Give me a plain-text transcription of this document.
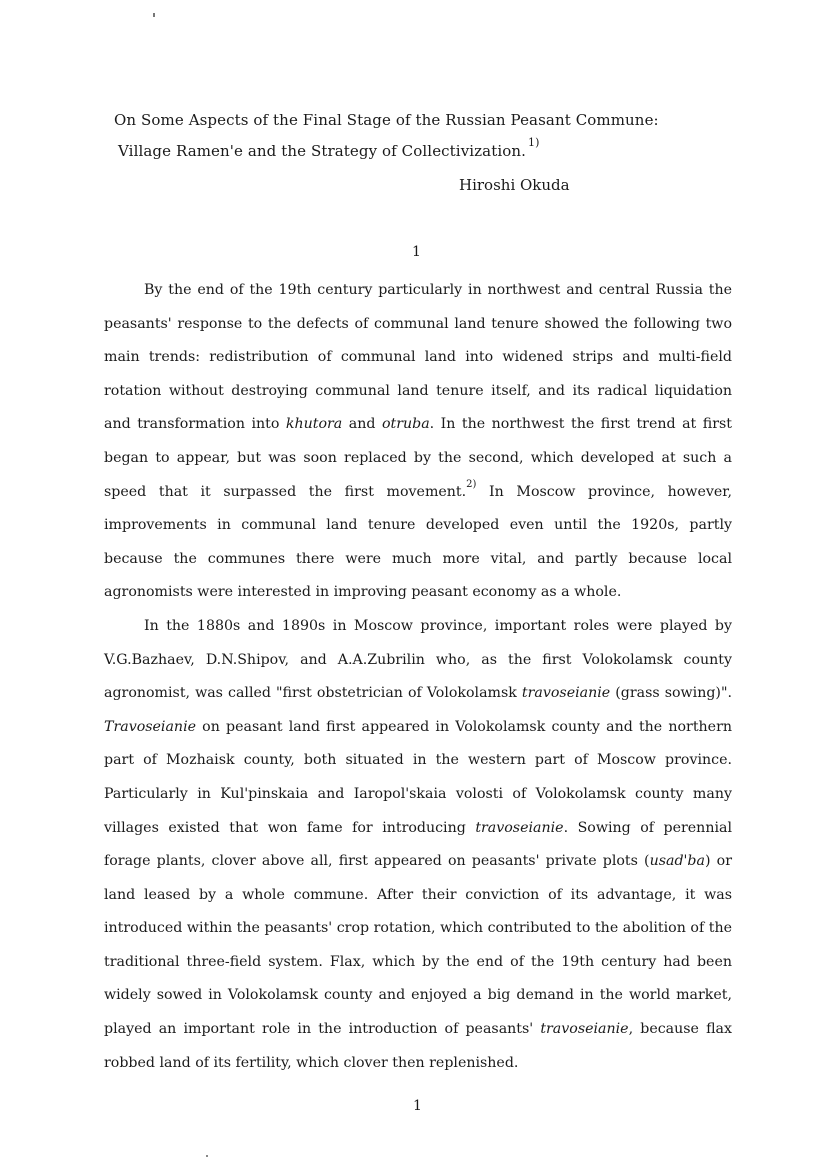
On Some Aspects of the Final Stage of the Russian Peasant Commune:
Village Ramen'e and the Strategy of Collectivization. $^{1)}$
Hiroshi Okuda
1

By the end of the 19th century particularly in northwest and central Russia the peasants' response to the defects of communal land tenure showed the following two main trends: redistribution of communal land into widened strips and multi-field rotation without destroying communal land tenure itself, and its radical liquidation and transformation into khutora and otruba. In the northwest the first trend at first began to appear, but was soon replaced by the second, which developed at such a speed that it surpassed the first movement.$^{2)}$ In Moscow province, however, improvements in communal land tenure developed even until the 1920s, partly because the communes there were much more vital, and partly because local agronomists were interested in improving peasant economy as a whole.

In the 1880s and 1890s in Moscow province, important roles were played by V.G.Bazhaev, D.N.Shipov, and A.A.Zubrilin who, as the first Volokolamsk county agronomist, was called "first obstetrician of Volokolamsk travoseianie (grass sowing)". Travoseianie on peasant land first appeared in Volokolamsk county and the northern part of Mozhaisk county, both situated in the western part of Moscow province. Particularly in Kul'pinskaia and Iaropol'skaia volosti of Volokolamsk county many villages existed that won fame for introducing travoseianie. Sowing of perennial forage plants, clover above all, first appeared on peasants' private plots (usad'ba) or land leased by a whole commune. After their conviction of its advantage, it was introduced within the peasants' crop rotation, which contributed to the abolition of the traditional three-field system. Flax, which by the end of the 19th century had been widely sowed in Volokolamsk county and enjoyed a big demand in the world market, played an important role in the introduction of peasants' travoseianie, because flax robbed land of its fertility, which clover then replenished.

1
